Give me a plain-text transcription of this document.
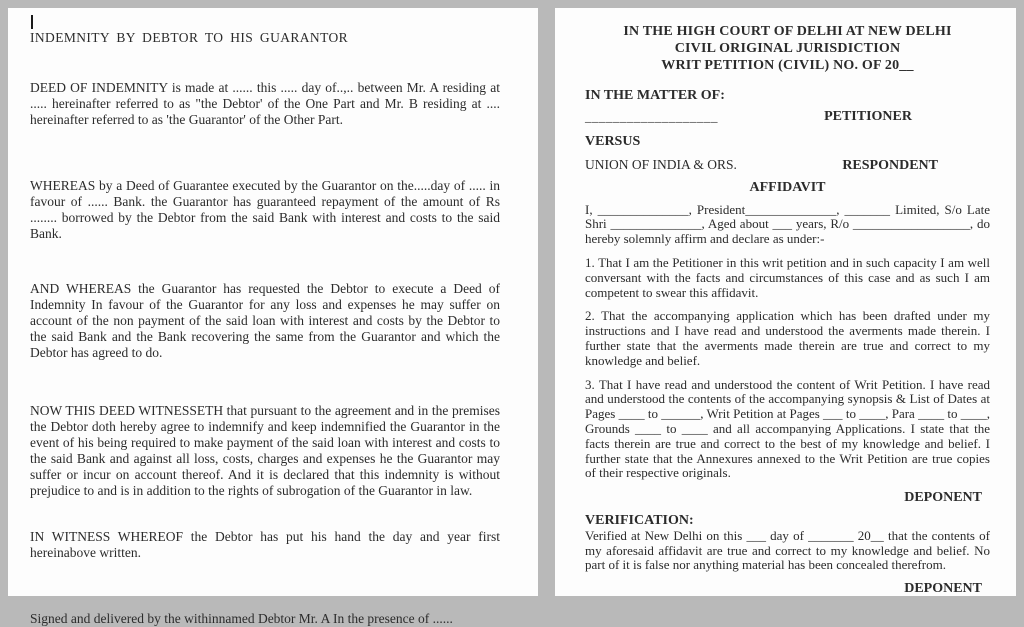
INDEMNITY BY DEBTOR TO HIS GUARANTOR

DEED OF INDEMNITY is made at ...... this ..... day of..,.. between Mr. A residing at ..... hereinafter referred to as "the Debtor' of the One Part and Mr. B residing at .... hereinafter referred to as 'the Guarantor' of the Other Part.

WHEREAS by a Deed of Guarantee executed by the Guarantor on the.....day of ..... in favour of ...... Bank. the Guarantor has guaranteed repayment of the amount of Rs ........ borrowed by the Debtor from the said Bank with interest and costs to the said Bank.

AND WHEREAS the Guarantor has requested the Debtor to execute a Deed of Indemnity In favour of the Guarantor for any loss and expenses he may suffer on account of the non payment of the said loan with interest and costs by the Debtor to the said Bank and the Bank recovering the same from the Guarantor and which the Debtor has agreed to do.

NOW THIS DEED WITNESSETH that pursuant to the agreement and in the premises the Debtor doth hereby agree to indemnify and keep indemnified the Guarantor in the event of his being required to make payment of the said loan with interest and costs to the said Bank and against all loss, costs, charges and expenses he the Guarantor may suffer or incur on account thereof. And it is declared that this indemnity is without prejudice to and is in addition to the rights of subrogation of the Guarantor in law.

IN WITNESS WHEREOF the Debtor has put his hand the day and year first hereinabove written.

Signed and delivered by the withinnamed Debtor Mr. A In the presence of ......

IN THE HIGH COURT OF DELHI AT NEW DELHI
CIVIL ORIGINAL JURISDICTION
WRIT PETITION (CIVIL) NO. OF 20__
IN THE MATTER OF:
___________________	PETITIONER
VERSUS
UNION OF INDIA & ORS.	RESPONDENT
AFFIDAVIT

I, ______________, President______________, _______ Limited, S/o Late Shri ______________, Aged about ___ years, R/o __________________, do hereby solemnly affirm and declare as under:-

1. That I am the Petitioner in this writ petition and in such capacity I am well conversant with the facts and circumstances of this case and as such I am competent to swear this affidavit.

2. That the accompanying application which has been drafted under my instructions and I have read and understood the averments made therein. I further state that the averments made therein are true and correct to my knowledge and belief.

3. That I have read and understood the content of Writ Petition. I have read and understood the contents of the accompanying synopsis & List of Dates at Pages ____ to ______, Writ Petition at Pages ___ to ____, Para ____ to ____, Grounds ____ to ____ and all accompanying Applications. I state that the facts therein are true and correct to the best of my knowledge and belief. I further state that the Annexures annexed to the Writ Petition are true copies of their respective originals.

DEPONENT
VERIFICATION:

Verified at New Delhi on this ___ day of _______ 20__ that the contents of my aforesaid affidavit are true and correct to my knowledge and belief. No part of it is false nor anything material has been concealed therefrom.

DEPONENT
